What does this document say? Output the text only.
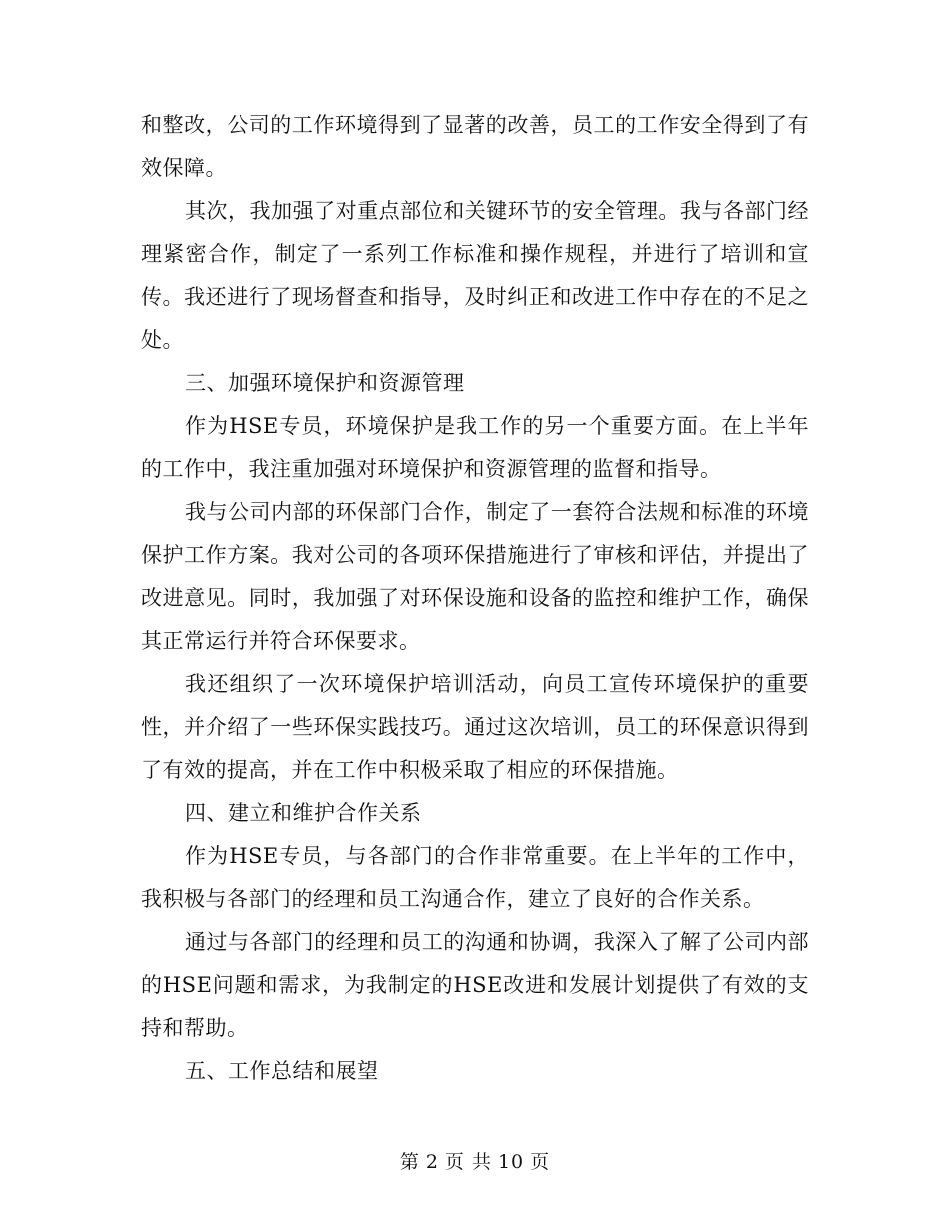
和整改，公司的工作环境得到了显著的改善，员工的工作安全得到了有效保障。

其次，我加强了对重点部位和关键环节的安全管理。我与各部门经理紧密合作，制定了一系列工作标准和操作规程，并进行了培训和宣传。我还进行了现场督查和指导，及时纠正和改进工作中存在的不足之处。

三、加强环境保护和资源管理

作为HSE专员，环境保护是我工作的另一个重要方面。在上半年的工作中，我注重加强对环境保护和资源管理的监督和指导。

我与公司内部的环保部门合作，制定了一套符合法规和标准的环境保护工作方案。我对公司的各项环保措施进行了审核和评估，并提出了改进意见。同时，我加强了对环保设施和设备的监控和维护工作，确保其正常运行并符合环保要求。

我还组织了一次环境保护培训活动，向员工宣传环境保护的重要性，并介绍了一些环保实践技巧。通过这次培训，员工的环保意识得到了有效的提高，并在工作中积极采取了相应的环保措施。

四、建立和维护合作关系

作为HSE专员，与各部门的合作非常重要。在上半年的工作中，我积极与各部门的经理和员工沟通合作，建立了良好的合作关系。

通过与各部门的经理和员工的沟通和协调，我深入了解了公司内部的HSE问题和需求，为我制定的HSE改进和发展计划提供了有效的支持和帮助。

五、工作总结和展望

第 2 页 共 10 页
